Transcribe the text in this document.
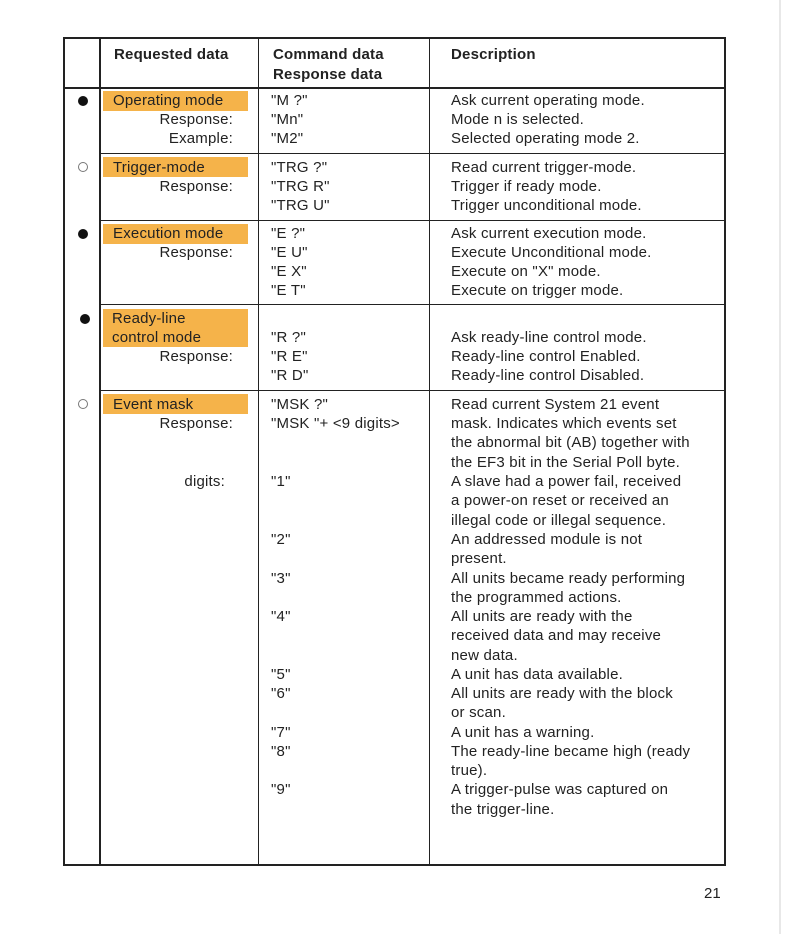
Requested data	Command data
Response data
Description
Operating mode
Response:
Example:
"M ?"
"Mn"
"M2"
Ask current operating mode.
Mode n is selected.
Selected operating mode 2.
Trigger-mode
Response:
"TRG ?"
"TRG R"
"TRG U"
Read current trigger-mode.
Trigger if ready mode.
Trigger unconditional mode.
Execution mode
Response:
"E ?"
"E U"
"E X"
"E T"
Ask current execution mode.
Execute Unconditional mode.
Execute on "X" mode.
Execute on trigger mode.
Ready-line
control mode
Response:
"R ?"
"R E"
"R D"
Ask ready-line control mode.
Ready-line control Enabled.
Ready-line control Disabled.
Event mask
Response:
digits:
"MSK ?"
"MSK "+ <9 digits>
"1"
"2"
"3"
"4"
"5"
"6"
"7"
"8"
"9"
Read current System 21 event
mask. Indicates which events set
the abnormal bit (AB) together with
the EF3 bit in the Serial Poll byte.
A slave had a power fail, received
a power-on reset or received an
illegal code or illegal sequence.
An addressed module is not
present.
All units became ready performing
the programmed actions.
All units are ready with the
received data and may receive
new data.
A unit has data available.
All units are ready with the block
or scan.
A unit has a warning.
The ready-line became high (ready
true).
A trigger-pulse was captured on
the trigger-line.
21
